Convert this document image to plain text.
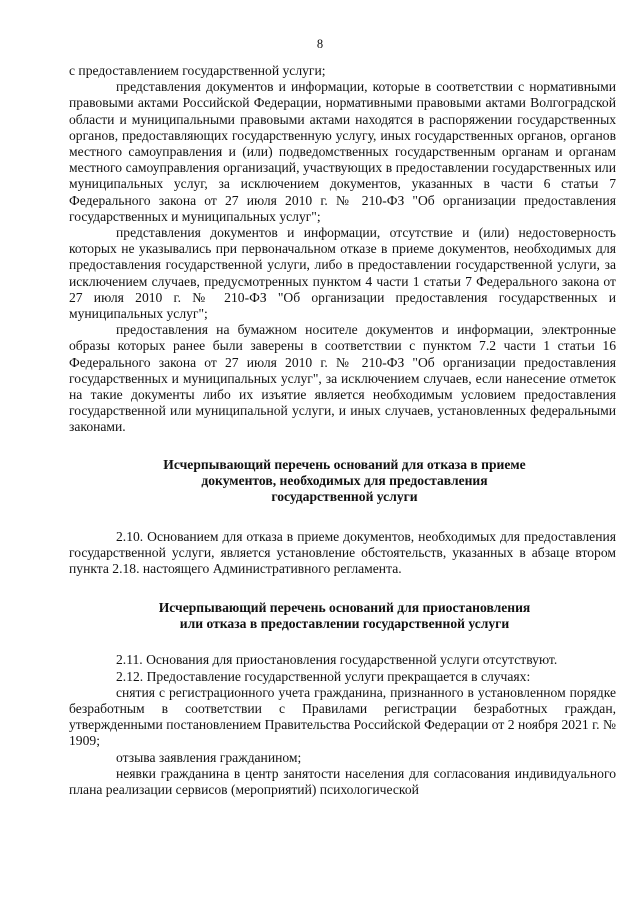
8

с предоставлением государственной услуги;

представления документов и информации, которые в соответствии с нормативными правовыми актами Российской Федерации, нормативными правовыми актами Волгоградской области и муниципальными правовыми актами находятся в распоряжении государственных органов, предоставляющих государственную услугу, иных государственных органов, органов местного самоуправления и (или) подведомственных государственным органам и органам местного самоуправления организаций, участвующих в предоставлении государственных или муниципальных услуг, за исключением документов, указанных в части 6 статьи 7 Федерального закона от 27 июля 2010 г. № 210-ФЗ "Об организации предоставления государственных и муниципальных услуг";

представления документов и информации, отсутствие и (или) недостоверность которых не указывались при первоначальном отказе в приеме документов, необходимых для предоставления государственной услуги, либо в предоставлении государственной услуги, за исключением случаев, предусмотренных пунктом 4 части 1 статьи 7 Федерального закона от 27 июля 2010 г. № 210-ФЗ "Об организации предоставления государственных и муниципальных услуг";

предоставления на бумажном носителе документов и информации, электронные образы которых ранее были заверены в соответствии с пунктом 7.2 части 1 статьи 16 Федерального закона от 27 июля 2010 г. № 210-ФЗ "Об организации предоставления государственных и муниципальных услуг", за исключением случаев, если нанесение отметок на такие документы либо их изъятие является необходимым условием предоставления государственной или муниципальной услуги, и иных случаев, установленных федеральными законами.

Исчерпывающий перечень оснований для отказа в приеме
документов, необходимых для предоставления
государственной услуги

2.10. Основанием для отказа в приеме документов, необходимых для предоставления государственной услуги, является установление обстоятельств, указанных в абзаце втором пункта 2.18. настоящего Административного регламента.

Исчерпывающий перечень оснований для приостановления
или отказа в предоставлении государственной услуги

2.11. Основания для приостановления государственной услуги отсутствуют.

2.12. Предоставление государственной услуги прекращается в случаях:

снятия с регистрационного учета гражданина, признанного в установленном порядке безработным в соответствии с Правилами регистрации безработных граждан, утвержденными постановлением Правительства Российской Федерации от 2 ноября 2021 г. № 1909;

отзыва заявления гражданином;

неявки гражданина в центр занятости населения для согласования индивидуального плана реализации сервисов (мероприятий) психологической
